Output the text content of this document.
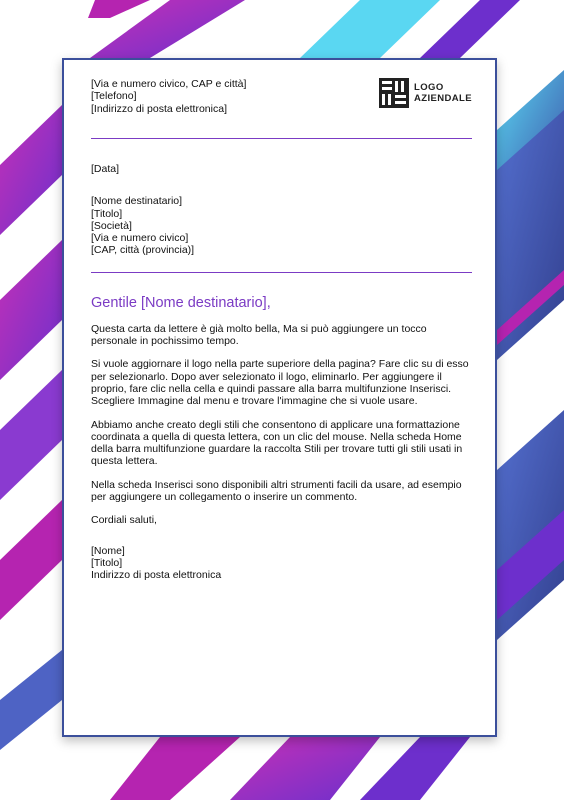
[Via e numero civico, CAP e città]
[Telefono]
[Indirizzo di posta elettronica]
LOGO
AZIENDALE
[Data]
[Nome destinatario]
[Titolo]
[Società]
[Via e numero civico]
[CAP, città (provincia)]

Gentile [Nome destinatario],

Questa carta da lettere è già molto bella, Ma si può aggiungere un tocco personale in pochissimo tempo.

Si vuole aggiornare il logo nella parte superiore della pagina? Fare clic su di esso per selezionarlo. Dopo aver selezionato il logo, eliminarlo. Per aggiungere il proprio, fare clic nella cella e quindi passare alla barra multifunzione Inserisci. Scegliere Immagine dal menu e trovare l'immagine che si vuole usare.

Abbiamo anche creato degli stili che consentono di applicare una formattazione coordinata a quella di questa lettera, con un clic del mouse. Nella scheda Home della barra multifunzione guardare la raccolta Stili per trovare tutti gli stili usati in questa lettera.

Nella scheda Inserisci sono disponibili altri strumenti facili da usare, ad esempio per aggiungere un collegamento o inserire un commento.

Cordiali saluti,

[Nome]
[Titolo]
Indirizzo di posta elettronica
